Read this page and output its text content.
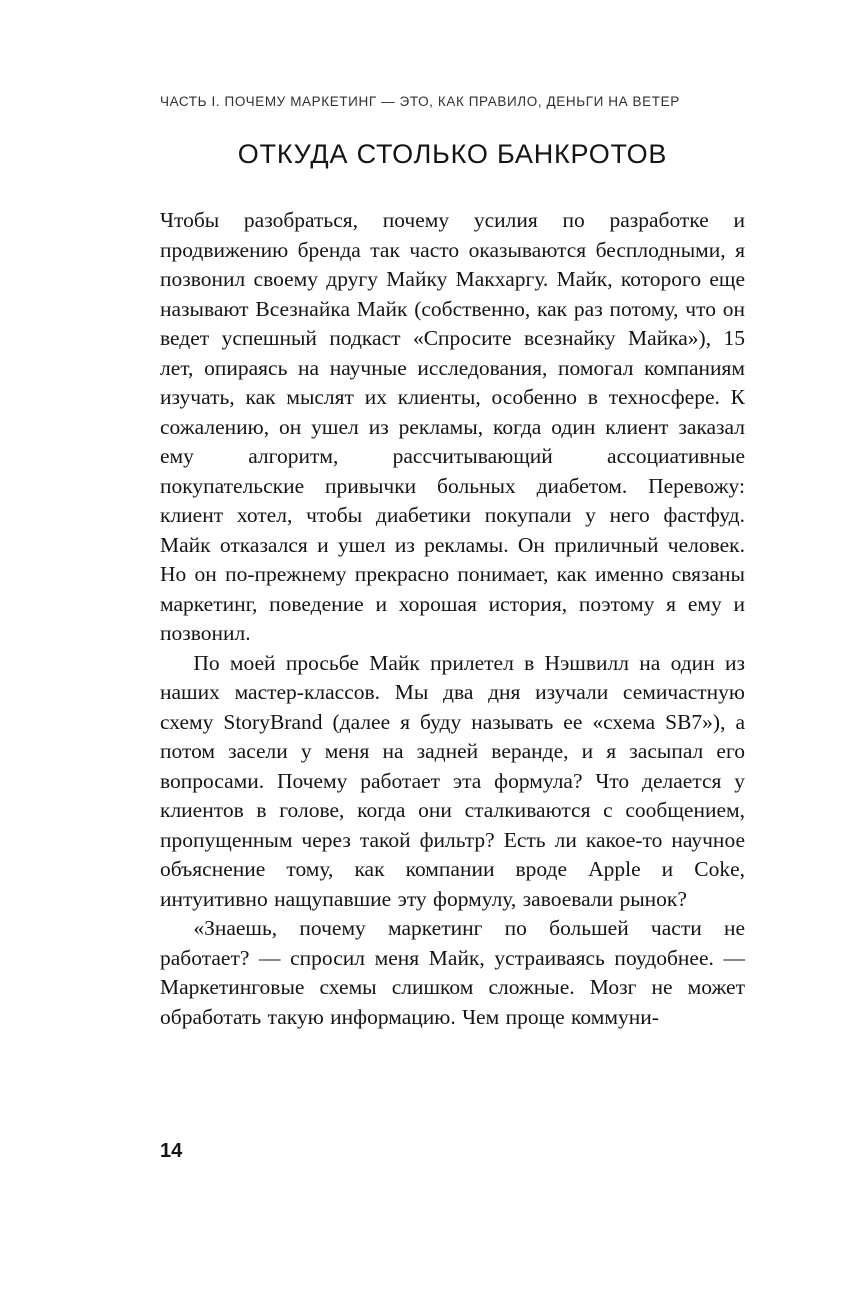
ЧАСТЬ I. ПОЧЕМУ МАРКЕТИНГ — ЭТО, КАК ПРАВИЛО, ДЕНЬГИ НА ВЕТЕР
ОТКУДА СТОЛЬКО БАНКРОТОВ

Чтобы разобраться, почему усилия по разработке и продвижению бренда так часто оказываются бесплодными, я позвонил своему другу Майку Макхаргу. Майк, которого еще называют Всезнайка Майк (собственно, как раз потому, что он ведет успешный подкаст «Спросите всезнайку Майка»), 15 лет, опираясь на научные исследования, помогал компаниям изучать, как мыслят их клиенты, особенно в техносфере. К сожалению, он ушел из рекламы, когда один клиент заказал ему алгоритм, рассчитывающий ассоциативные покупательские привычки больных диабетом. Перевожу: клиент хотел, чтобы диабетики покупали у него фастфуд. Майк отказался и ушел из рекламы. Он приличный человек. Но он по-прежнему прекрасно понимает, как именно связаны маркетинг, поведение и хорошая история, поэтому я ему и позвонил.

По моей просьбе Майк прилетел в Нэшвилл на один из наших мастер-классов. Мы два дня изучали семичастную схему StoryBrand (далее я буду называть ее «схема SB7»), а потом засели у меня на задней веранде, и я засыпал его вопросами. Почему работает эта формула? Что делается у клиентов в голове, когда они сталкиваются с сообщением, пропущенным через такой фильтр? Есть ли какое-то научное объяснение тому, как компании вроде Apple и Coke, интуитивно нащупавшие эту формулу, завоевали рынок?

«Знаешь, почему маркетинг по большей части не работает? — спросил меня Майк, устраиваясь поудобнее. — Маркетинговые схемы слишком сложные. Мозг не может обработать такую информацию. Чем проще коммуни-

14
